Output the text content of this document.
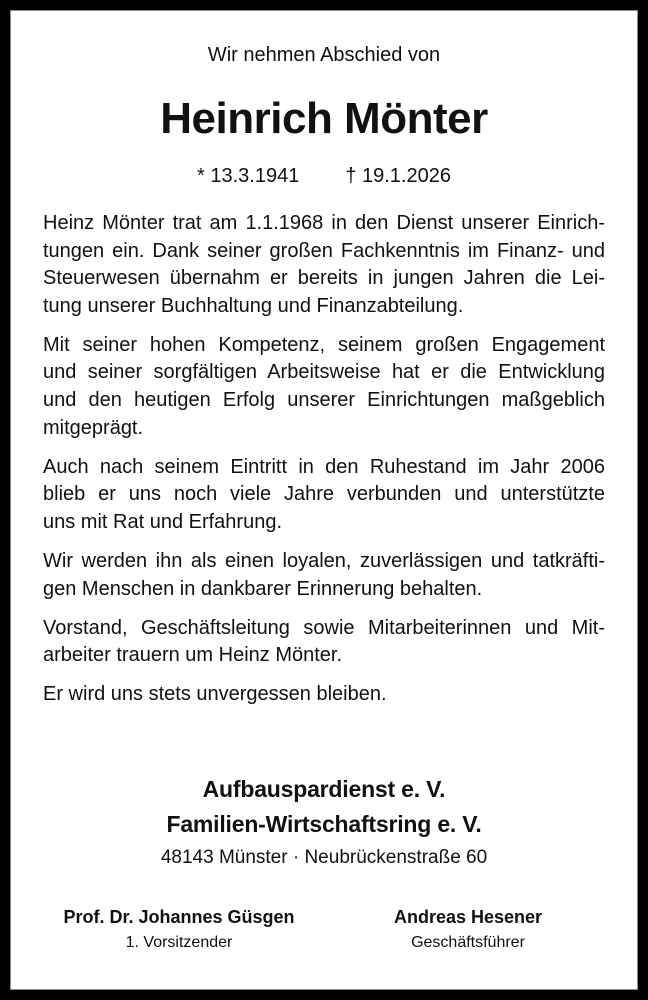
Wir nehmen Abschied von
Heinrich Mönter
* 13.3.1941 † 19.1.2026

Heinz Mönter trat am 1.1.1968 in den Dienst unserer Einrich-
tungen ein. Dank seiner großen Fachkenntnis im Finanz- und
Steuerwesen übernahm er bereits in jungen Jahren die Lei-
tung unserer Buchhaltung und Finanzabteilung.

Mit seiner hohen Kompetenz, seinem großen Engagement
und seiner sorgfältigen Arbeitsweise hat er die Entwicklung
und den heutigen Erfolg unserer Einrichtungen maßgeblich
mitgeprägt.

Auch nach seinem Eintritt in den Ruhestand im Jahr 2006
blieb er uns noch viele Jahre verbunden und unterstützte
uns mit Rat und Erfahrung.

Wir werden ihn als einen loyalen, zuverlässigen und tatkräfti-
gen Menschen in dankbarer Erinnerung behalten.

Vorstand, Geschäftsleitung sowie Mitarbeiterinnen und Mit-
arbeiter trauern um Heinz Mönter.

Er wird uns stets unvergessen bleiben.

Aufbauspardienst e. V.
Familien-Wirtschaftsring e. V.
48143 Münster · Neubrückenstraße 60
Prof. Dr. Johannes Güsgen
1. Vorsitzender
Andreas Hesener
Geschäftsführer
